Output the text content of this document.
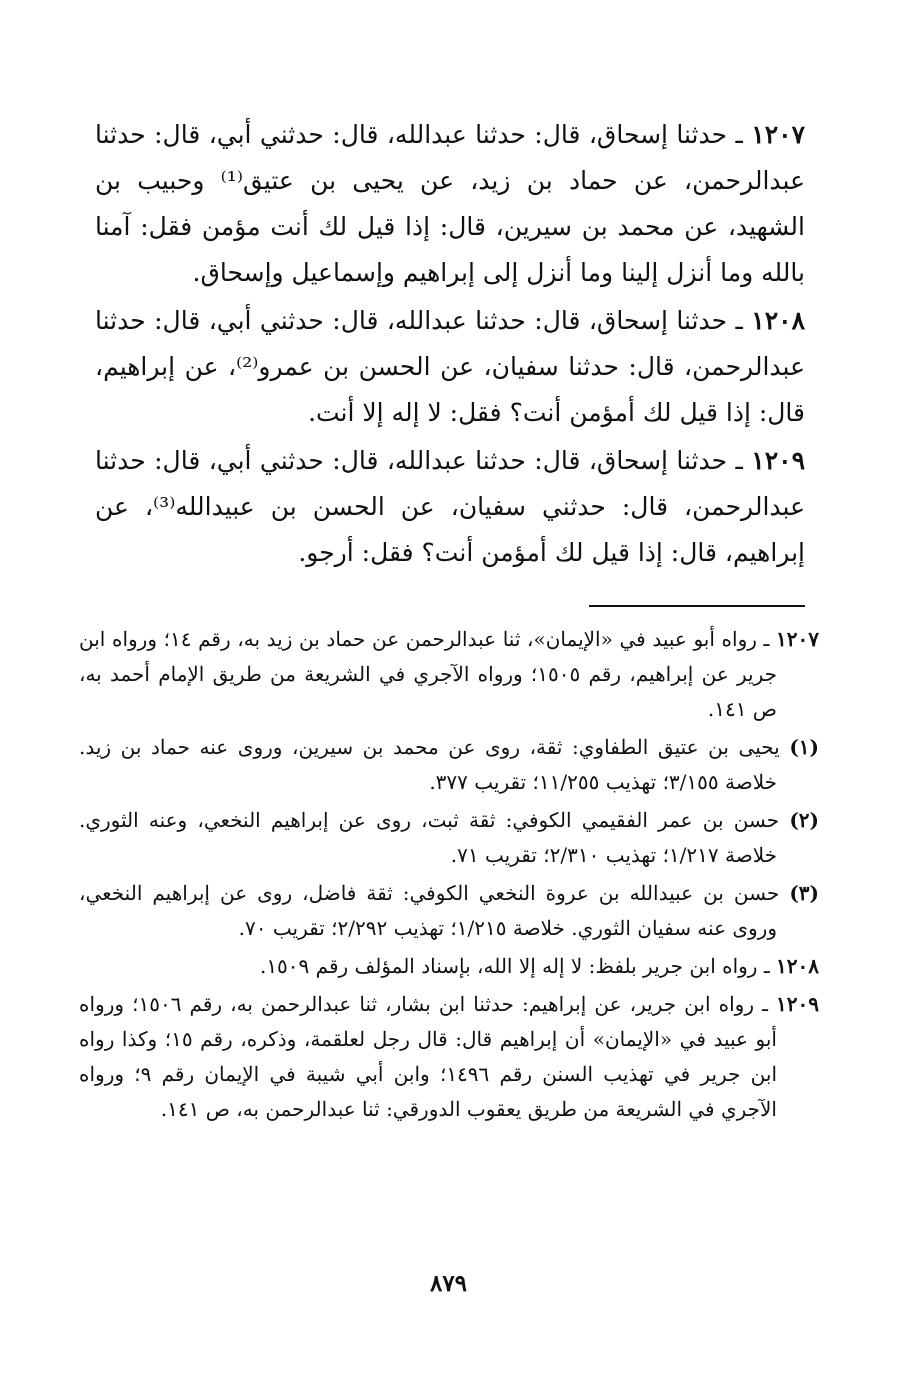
١٢٠٧ ـ حدثنا إسحاق، قال: حدثنا عبدالله، قال: حدثني أبي، قال: حدثنا عبدالرحمن، عن حماد بن زيد، عن يحيى بن عتيق⁽¹⁾ وحبيب بن الشهيد، عن محمد بن سيرين، قال: إذا قيل لك أنت مؤمن فقل: آمنا بالله وما أنزل إلينا وما أنزل إلى إبراهيم وإسماعيل وإسحاق.

١٢٠٨ ـ حدثنا إسحاق، قال: حدثنا عبدالله، قال: حدثني أبي، قال: حدثنا عبدالرحمن، قال: حدثنا سفيان، عن الحسن بن عمرو⁽²⁾، عن إبراهيم، قال: إذا قيل لك أمؤمن أنت؟ فقل: لا إله إلا أنت.

١٢٠٩ ـ حدثنا إسحاق، قال: حدثنا عبدالله، قال: حدثني أبي، قال: حدثنا عبدالرحمن، قال: حدثني سفيان، عن الحسن بن عبيدالله⁽³⁾، عن إبراهيم، قال: إذا قيل لك أمؤمن أنت؟ فقل: أرجو.

١٢٠٧ ـ رواه أبو عبيد في «الإيمان»، ثنا عبدالرحمن عن حماد بن زيد به، رقم ١٤؛ ورواه ابن جرير عن إبراهيم، رقم ١٥٠٥؛ ورواه الآجري في الشريعة من طريق الإمام أحمد به، ص ١٤١.

(١) يحيى بن عتيق الطفاوي: ثقة، روى عن محمد بن سيرين، وروى عنه حماد بن زيد. خلاصة ٣/١٥٥؛ تهذيب ١١/٢٥٥؛ تقريب ٣٧٧.

(٢) حسن بن عمر الفقيمي الكوفي: ثقة ثبت، روى عن إبراهيم النخعي، وعنه الثوري. خلاصة ١/٢١٧؛ تهذيب ٢/٣١٠؛ تقريب ٧١.

(٣) حسن بن عبيدالله بن عروة النخعي الكوفي: ثقة فاضل، روى عن إبراهيم النخعي، وروى عنه سفيان الثوري. خلاصة ١/٢١٥؛ تهذيب ٢/٢٩٢؛ تقريب ٧٠.

١٢٠٨ ـ رواه ابن جرير بلفظ: لا إله إلا الله، بإسناد المؤلف رقم ١٥٠٩.

١٢٠٩ ـ رواه ابن جرير، عن إبراهيم: حدثنا ابن بشار، ثنا عبدالرحمن به، رقم ١٥٠٦؛ ورواه أبو عبيد في «الإيمان» أن إبراهيم قال: قال رجل لعلقمة، وذكره، رقم ١٥؛ وكذا رواه ابن جرير في تهذيب السنن رقم ١٤٩٦؛ وابن أبي شيبة في الإيمان رقم ٩؛ ورواه الآجري في الشريعة من طريق يعقوب الدورقي: ثنا عبدالرحمن به، ص ١٤١.

٨٧٩
